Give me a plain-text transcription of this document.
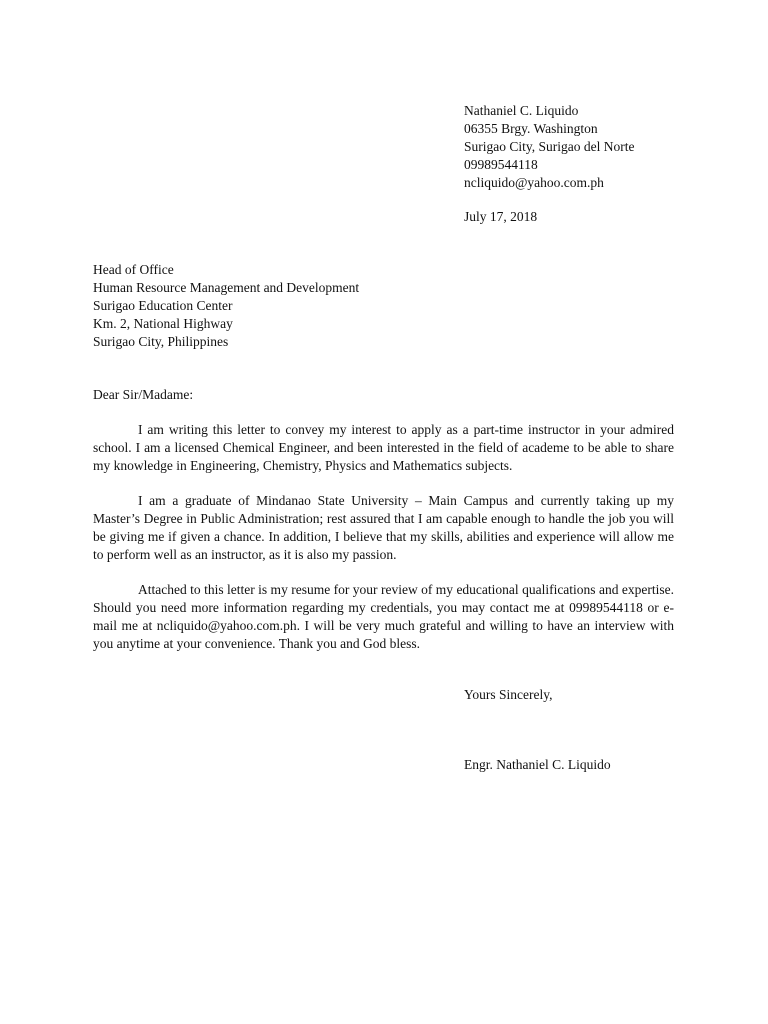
Nathaniel C. Liquido
06355 Brgy. Washington
Surigao City, Surigao del Norte
09989544118
ncliquido@yahoo.com.ph
July 17, 2018
Head of Office
Human Resource Management and Development
Surigao Education Center
Km. 2, National Highway
Surigao City, Philippines
Dear Sir/Madame:

I am writing this letter to convey my interest to apply as a part-time instructor in your admired school. I am a licensed Chemical Engineer, and been interested in the field of academe to be able to share my knowledge in Engineering, Chemistry, Physics and Mathematics subjects.

I am a graduate of Mindanao State University – Main Campus and currently taking up my Master’s Degree in Public Administration; rest assured that I am capable enough to handle the job you will be giving me if given a chance. In addition, I believe that my skills, abilities and experience will allow me to perform well as an instructor, as it is also my passion.

Attached to this letter is my resume for your review of my educational qualifications and expertise. Should you need more information regarding my credentials, you may contact me at 09989544118 or e-mail me at ncliquido@yahoo.com.ph. I will be very much grateful and willing to have an interview with you anytime at your convenience. Thank you and God bless.

Yours Sincerely,
Engr. Nathaniel C. Liquido
